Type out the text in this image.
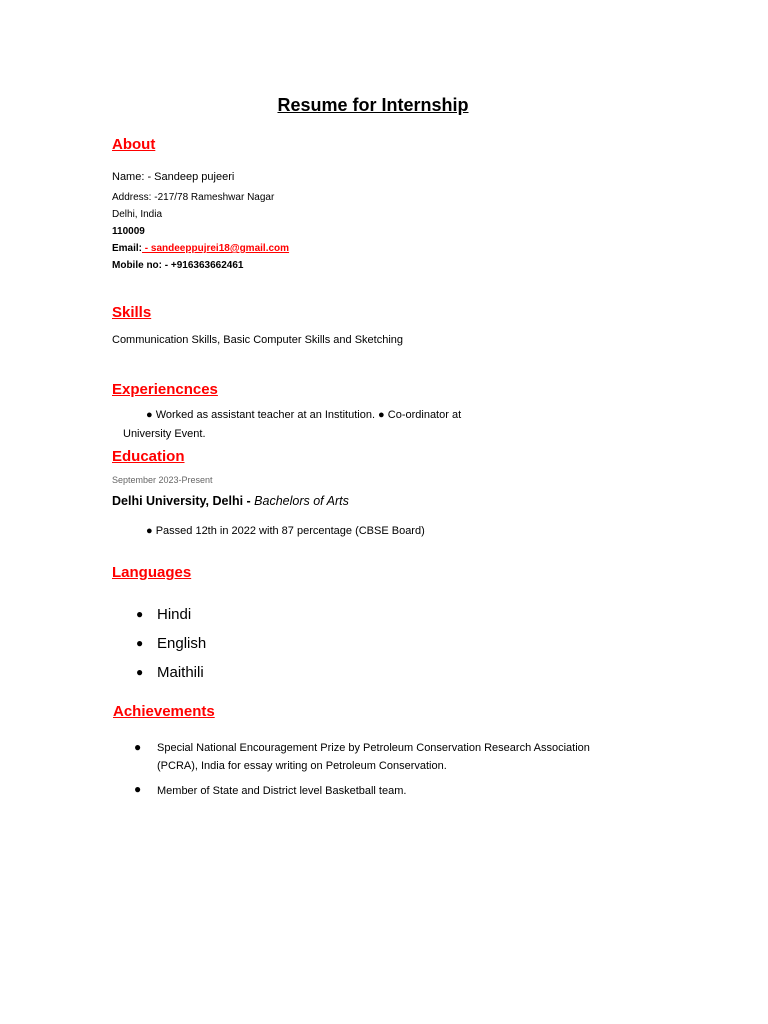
Resume for Internship
About
Name: - Sandeep pujeeri
Address: -217/78 Rameshwar Nagar
Delhi, India
110009
Email: - sandeeppujrei18@gmail.com
Mobile no: - +916363662461
Skills
Communication Skills, Basic Computer Skills and Sketching
Experiencnces
● Worked as assistant teacher at an Institution. ● Co-ordinator at
University Event.
Education
September 2023-Present
Delhi University, Delhi - Bachelors of Arts
● Passed 12th in 2022 with 87 percentage (CBSE Board)
Languages
● Hindi
● English
● Maithili
Achievements
● Special National Encouragement Prize by Petroleum Conservation Research Association
(PCRA), India for essay writing on Petroleum Conservation.
● Member of State and District level Basketball team.
